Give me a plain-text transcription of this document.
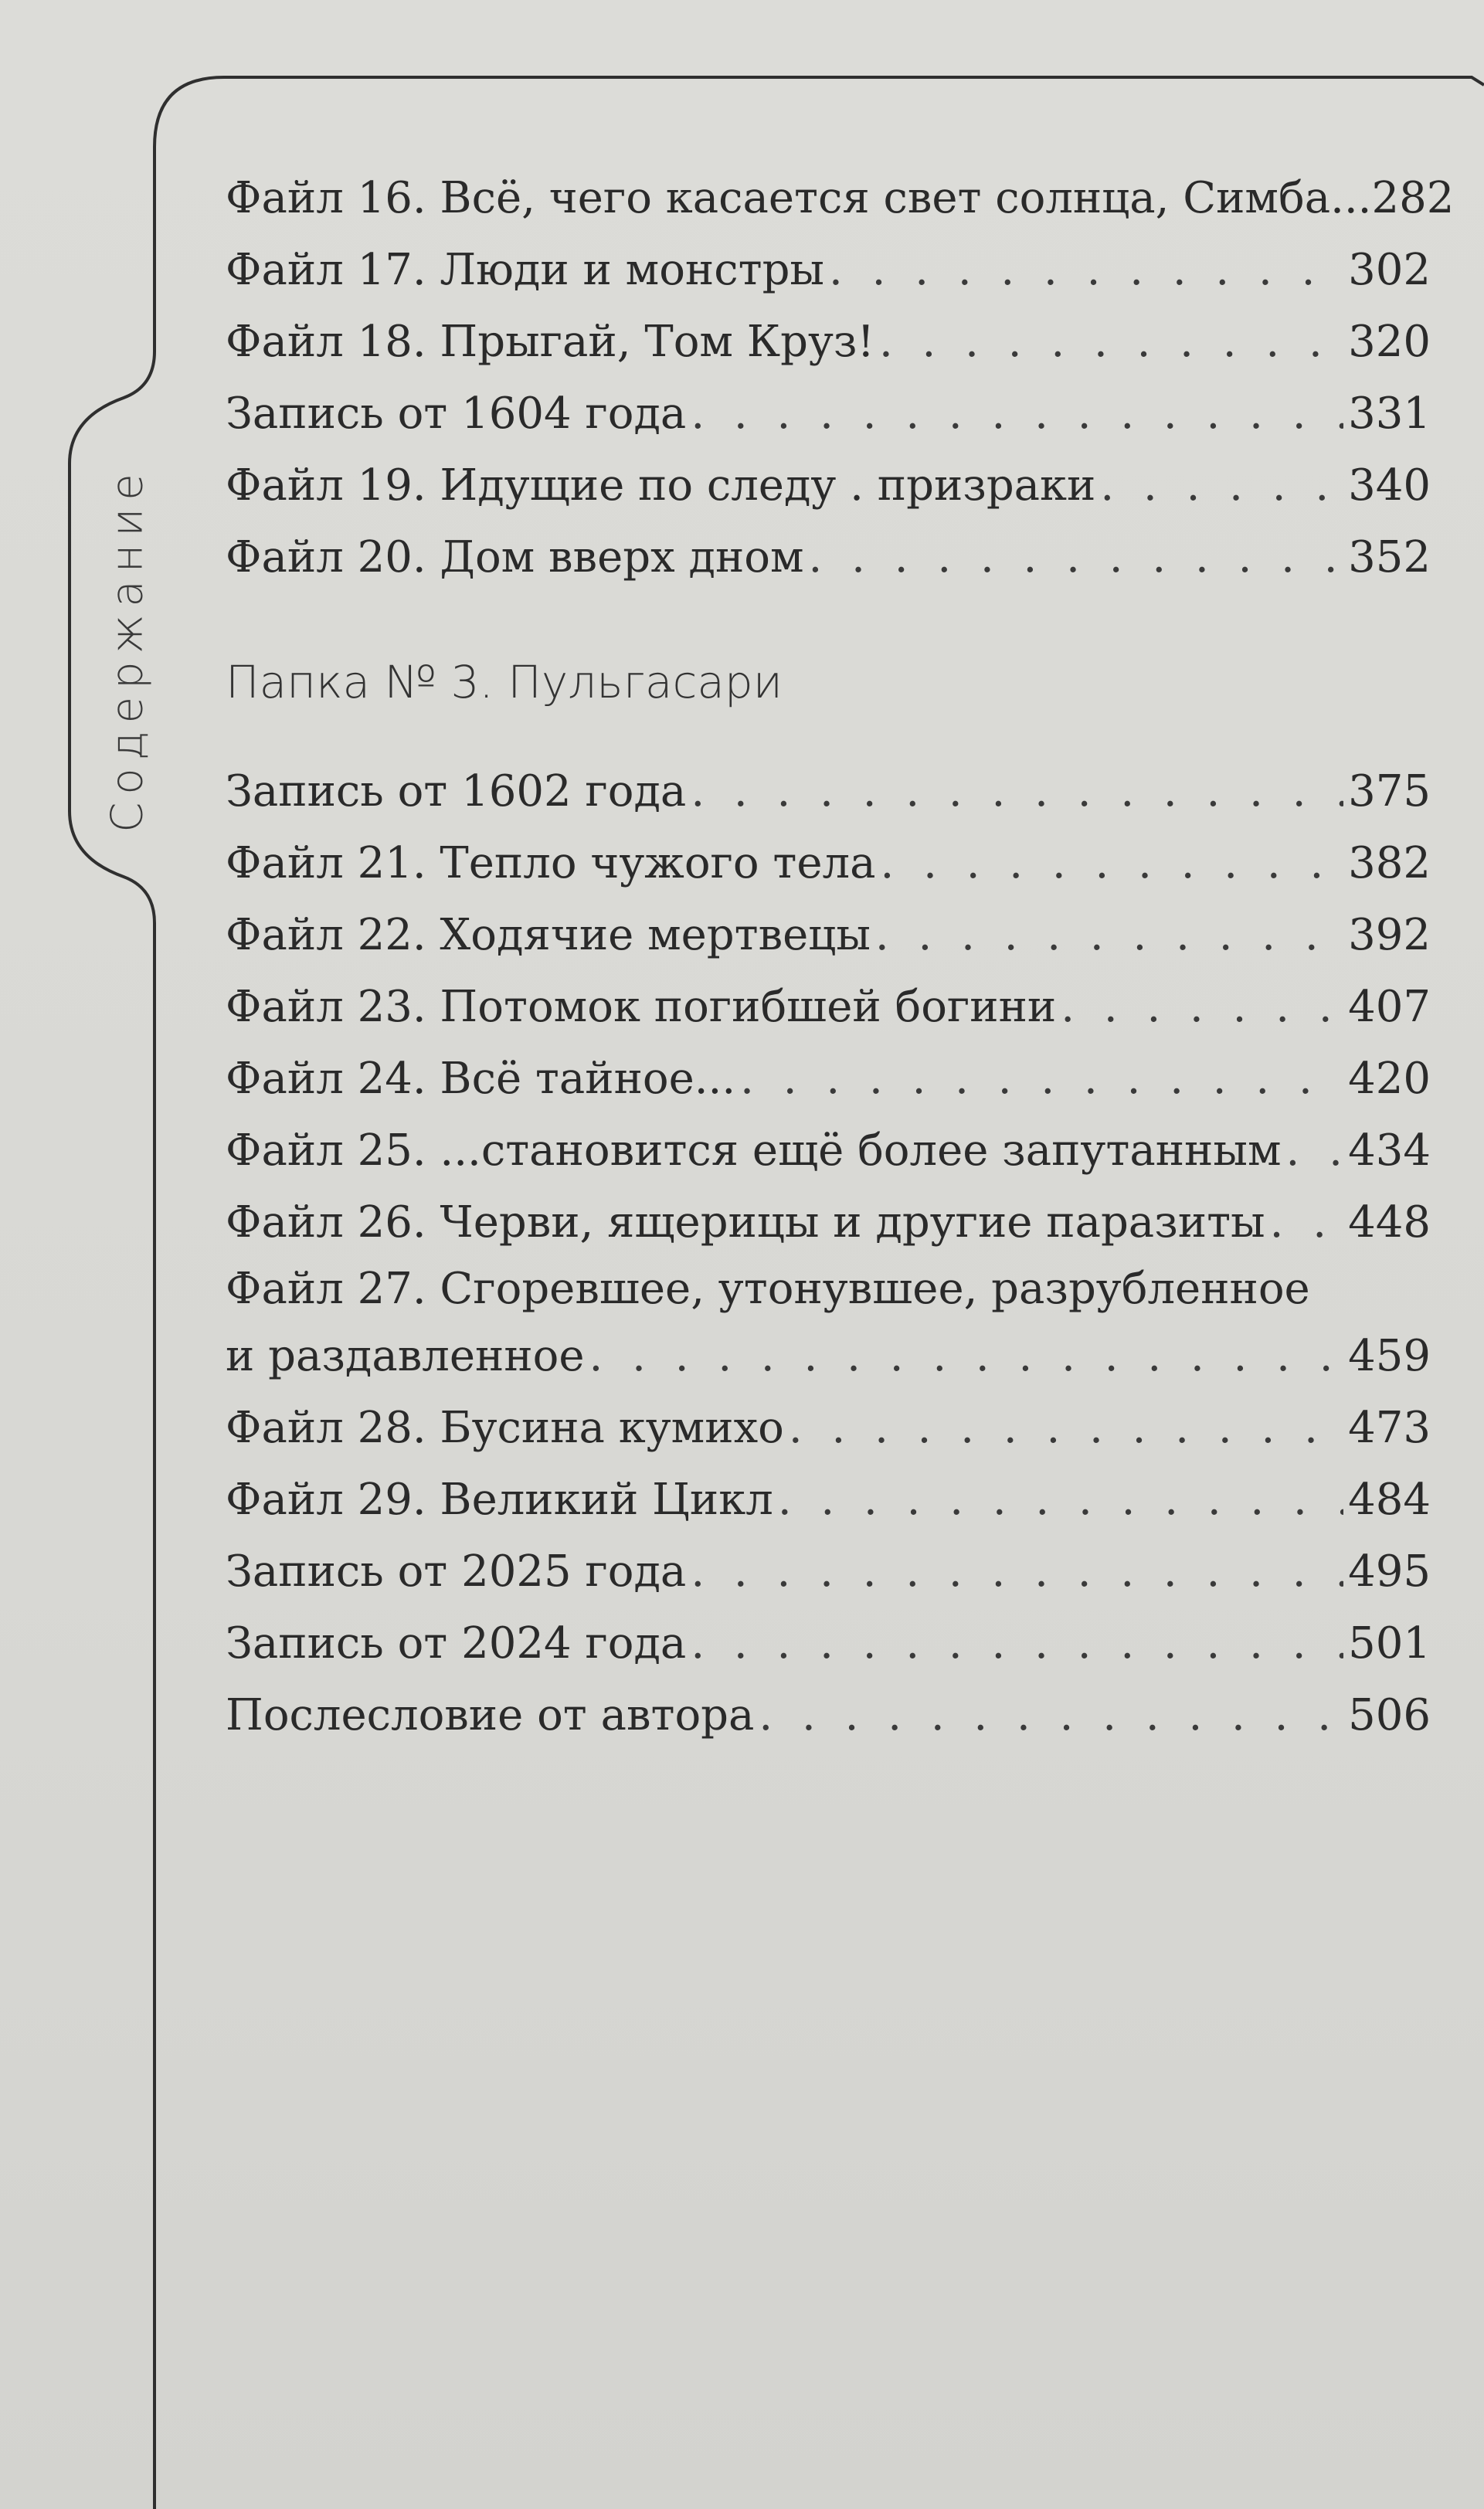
Содержание
Файл 16. Всё, чего касается свет солнца, Симба... 282
Файл 17. Люди и монстры . . .	302
Файл 18. Прыгай, Том Круз! . . .	320
Запись от 1604 года . . .	331
Файл 19. Идущие по следу . призраки . . .	340
Файл 20. Дом вверх дном . . .	352
Папка № 3. Пульгасари
Запись от 1602 года . . .	375
Файл 21. Тепло чужого тела . . .	382
Файл 22. Ходячие мертвецы . . .	392
Файл 23. Потомок погибшей богини . . .	407
Файл 24. Всё тайное... . . .	420
Файл 25. ...становится ещё более запутанным . . . 434
Файл 26. Черви, ящерицы и другие паразиты . . . 448
Файл 27. Сгоревшее, утонувшее, разрубленное
и раздавленное . . .	459
Файл 28. Бусина кумихо . . .	473
Файл 29. Великий Цикл . . .	484
Запись от 2025 года . . .	495
Запись от 2024 года . . .	501
Послесловие от автора . . .	506
